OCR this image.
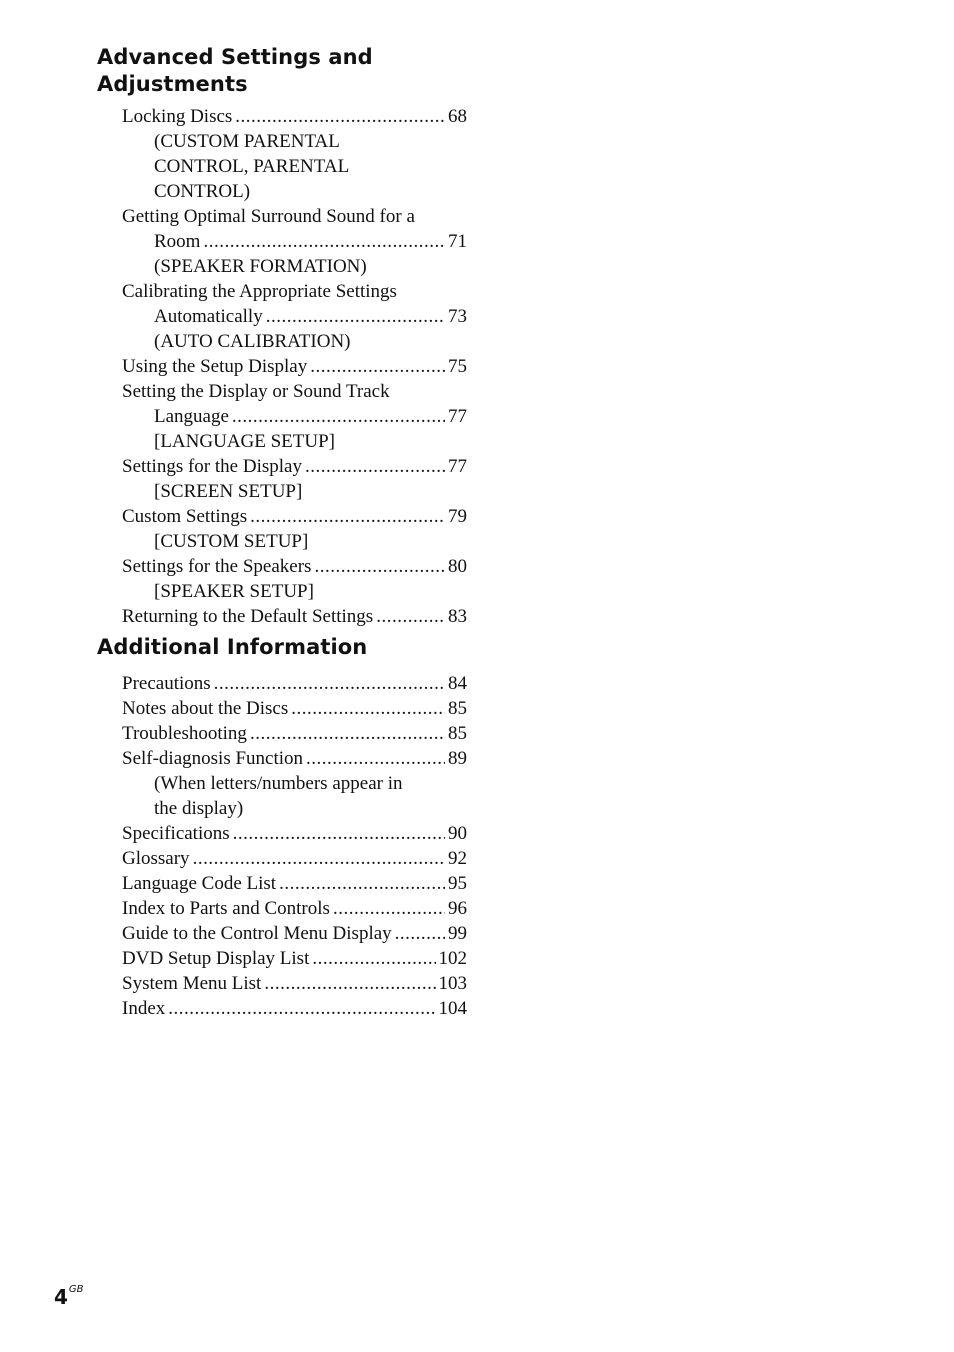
Advanced Settings and Adjustments
Locking Discs .....	68
(CUSTOM PARENTAL
CONTROL, PARENTAL
CONTROL)
Getting Optimal Surround Sound for a
Room .....	71
(SPEAKER FORMATION)
Calibrating the Appropriate Settings
Automatically .....	73
(AUTO CALIBRATION)
Using the Setup Display .....	75
Setting the Display or Sound Track
Language .....	77
[LANGUAGE SETUP]
Settings for the Display .....	77
[SCREEN SETUP]
Custom Settings .....	79
[CUSTOM SETUP]
Settings for the Speakers .....	80
[SPEAKER SETUP]
Returning to the Default Settings .....	83
Additional Information
Precautions .....	84
Notes about the Discs .....	85
Troubleshooting .....	85
Self-diagnosis Function .....	89
(When letters/numbers appear in
the display)
Specifications .....	90
Glossary .....	92
Language Code List .....	95
Index to Parts and Controls .....	96
Guide to the Control Menu Display .....	99
DVD Setup Display List .....	102
System Menu List .....	103
Index .....	104
$4^{GB}$
